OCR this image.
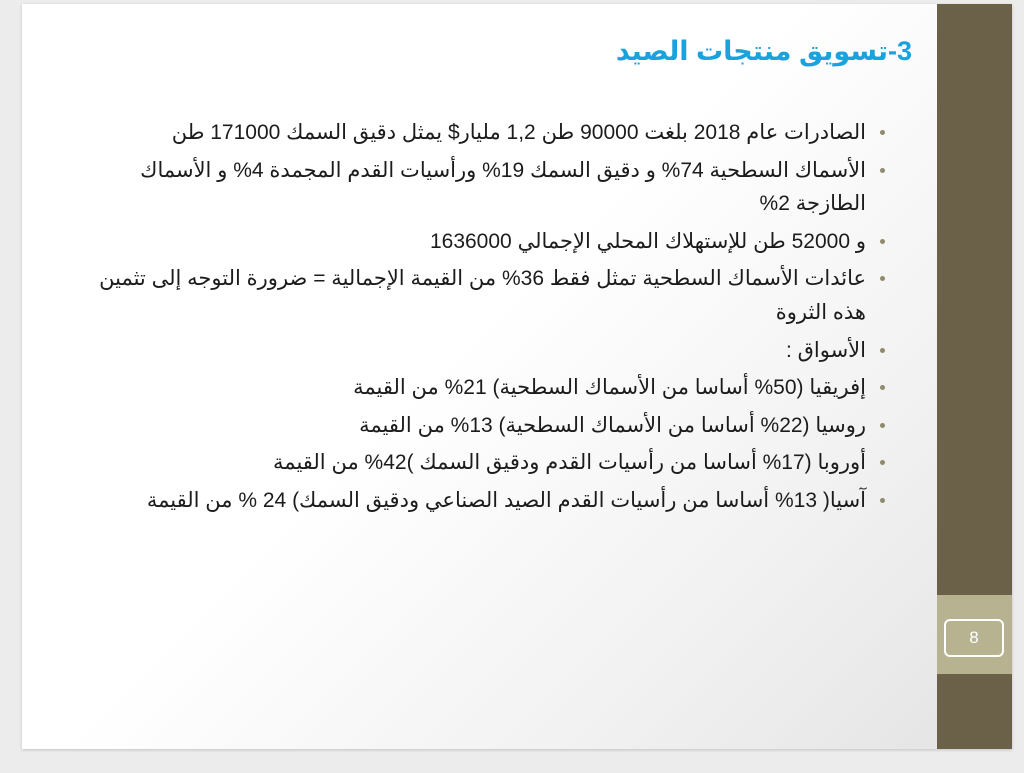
3-تسويق منتجات الصيد
الصادرات عام 2018 بلغت 90000 طن 1,2 مليار$ يمثل دقيق السمك 171000 طن
الأسماك السطحية 74% و دقيق السمك 19% ورأسيات القدم المجمدة 4% و الأسماك الطازجة 2%
و 52000 طن للإستهلاك المحلي الإجمالي 1636000
عائدات الأسماك السطحية تمثل فقط 36% من القيمة الإجمالية = ضرورة التوجه إلى تثمين هذه الثروة
الأسواق :
إفريقيا (50% أساسا من الأسماك السطحية) 21% من القيمة
روسيا (22% أساسا من الأسماك السطحية) 13% من القيمة
أوروبا (17% أساسا من رأسيات القدم ودقيق السمك )42% من القيمة
آسيا( 13% أساسا من رأسيات القدم الصيد الصناعي ودقيق السمك) 24 % من القيمة
8
